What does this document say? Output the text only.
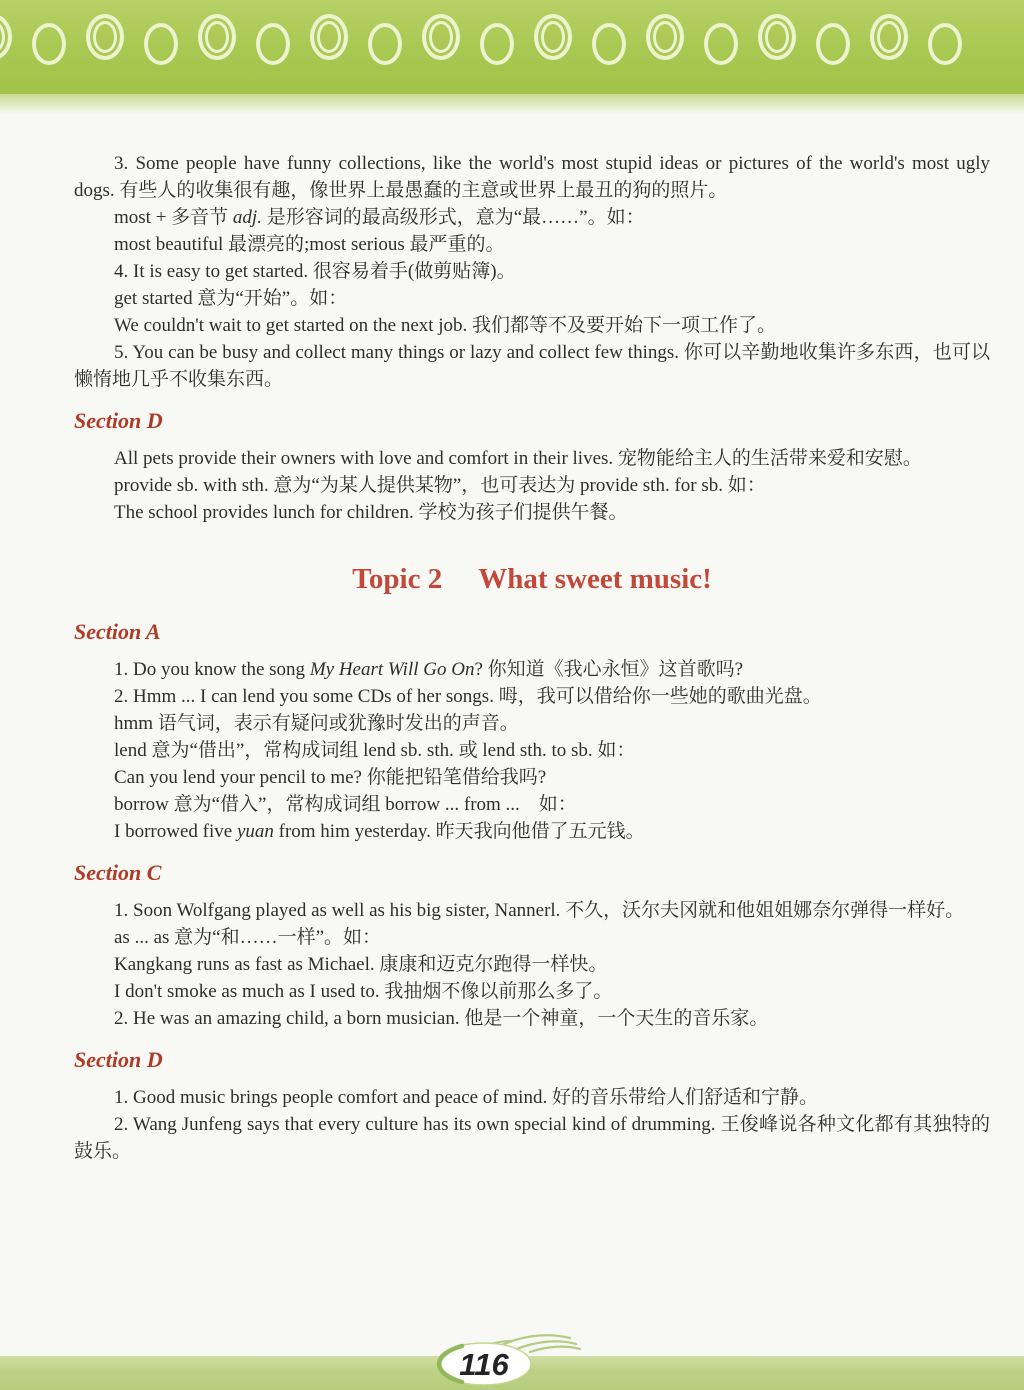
3. Some people have funny collections, like the world's most stupid ideas or pictures of the world's most ugly dogs. 有些人的收集很有趣，像世界上最愚蠢的主意或世界上最丑的狗的照片。

most + 多音节 adj. 是形容词的最高级形式，意为“最……”。如：

most beautiful 最漂亮的;most serious 最严重的。

4. It is easy to get started. 很容易着手(做剪贴簿)。

get started 意为“开始”。如：

We couldn't wait to get started on the next job. 我们都等不及要开始下一项工作了。

5. You can be busy and collect many things or lazy and collect few things. 你可以辛勤地收集许多东西，也可以懒惰地几乎不收集东西。

Section D

All pets provide their owners with love and comfort in their lives. 宠物能给主人的生活带来爱和安慰。

provide sb. with sth. 意为“为某人提供某物”，也可表达为 provide sth. for sb. 如：

The school provides lunch for children. 学校为孩子们提供午餐。

Topic 2 What sweet music!
Section A

1. Do you know the song My Heart Will Go On? 你知道《我心永恒》这首歌吗?

2. Hmm ... I can lend you some CDs of her songs. 呣，我可以借给你一些她的歌曲光盘。

hmm 语气词，表示有疑问或犹豫时发出的声音。

lend 意为“借出”，常构成词组 lend sb. sth. 或 lend sth. to sb. 如：

Can you lend your pencil to me? 你能把铅笔借给我吗?

borrow 意为“借入”，常构成词组 borrow ... from ...　如：

I borrowed five yuan from him yesterday. 昨天我向他借了五元钱。

Section C

1. Soon Wolfgang played as well as his big sister, Nannerl. 不久，沃尔夫冈就和他姐姐娜奈尔弹得一样好。

as ... as 意为“和……一样”。如：

Kangkang runs as fast as Michael. 康康和迈克尔跑得一样快。

I don't smoke as much as I used to. 我抽烟不像以前那么多了。

2. He was an amazing child, a born musician. 他是一个神童，一个天生的音乐家。

Section D

1. Good music brings people comfort and peace of mind. 好的音乐带给人们舒适和宁静。

2. Wang Junfeng says that every culture has its own special kind of drumming. 王俊峰说各种文化都有其独特的鼓乐。

116
